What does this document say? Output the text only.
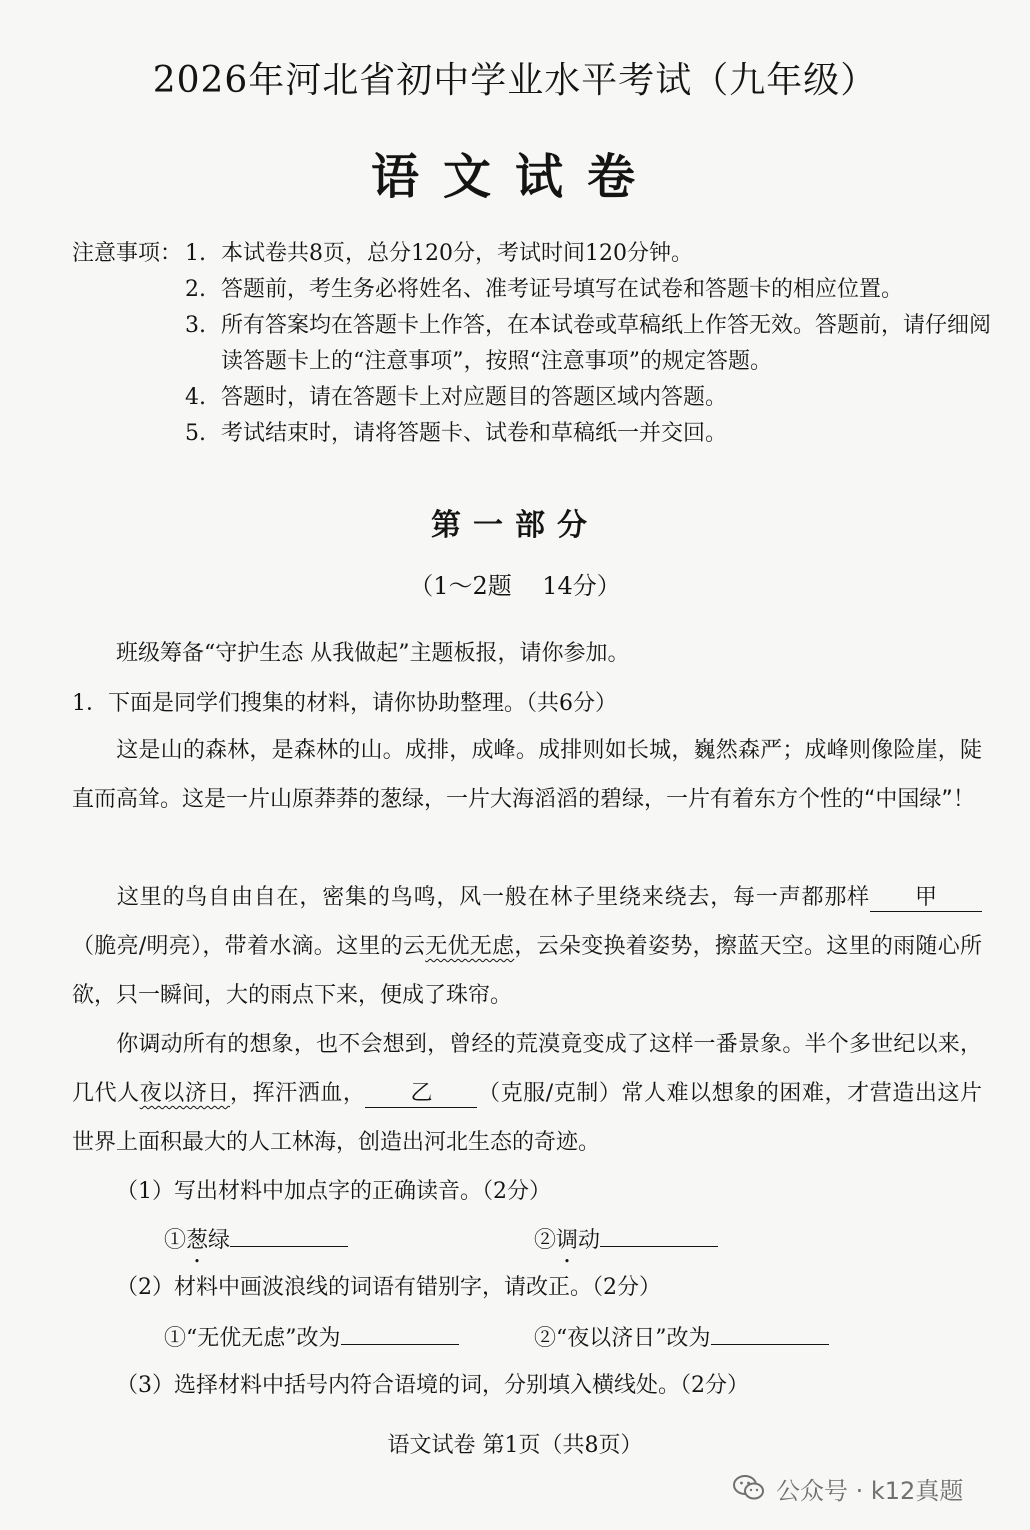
2026年河北省初中学业水平考试（九年级）
语文试卷
注意事项： 1. 本试卷共8页，总分120分，考试时间120分钟。
2. 答题前，考生务必将姓名、准考证号填写在试卷和答题卡的相应位置。
3. 所有答案均在答题卡上作答，在本试卷或草稿纸上作答无效。答题前，请仔细阅读答题卡上的“注意事项”，按照“注意事项”的规定答题。
4. 答题时，请在答题卡上对应题目的答题区域内答题。
5. 考试结束时，请将答题卡、试卷和草稿纸一并交回。
第一部分
（1～2题    14分）
班级筹备“守护生态 从我做起”主题板报，请你参加。
1．下面是同学们搜集的材料，请你协助整理。（共6分）
这是山的森林，是森林的山。成排，成峰。成排则如长城，巍然森严；成峰则像险崖，陡直而高耸。这是一片山原莽莽的葱 •绿，一片大海滔滔的碧绿，一片有着东方个性的“中国绿”！
这里的鸟自由自在，密集的鸟鸣，风一般在林子里绕来绕去，每一声都那样 甲（脆亮/明亮），带着水滴。这里的云无优无虑，云朵变换着姿势，擦蓝天空。这里的雨随心所欲，只一瞬间，大的雨点下来，便成了珠帘。
你调 •动所有的想象，也不会想到，曾经的荒漠竟变成了这样一番景象。半个多世纪以来，几代人夜以济日，挥汗洒血， 乙 （克服/克制）常人难以想象的困难，才营造出这片世界上面积最大的人工林海，创造出河北生态的奇迹。
（1）写出材料中加点字的正确读音。（2分）
①葱绿	②调动
（2）材料中画波浪线的词语有错别字，请改正。（2分）
①“无优无虑”改为	②“夜以济日”改为
（3）选择材料中括号内符合语境的词，分别填入横线处。（2分）
语文试卷 第1页（共8页）
公众号 · k12真题
